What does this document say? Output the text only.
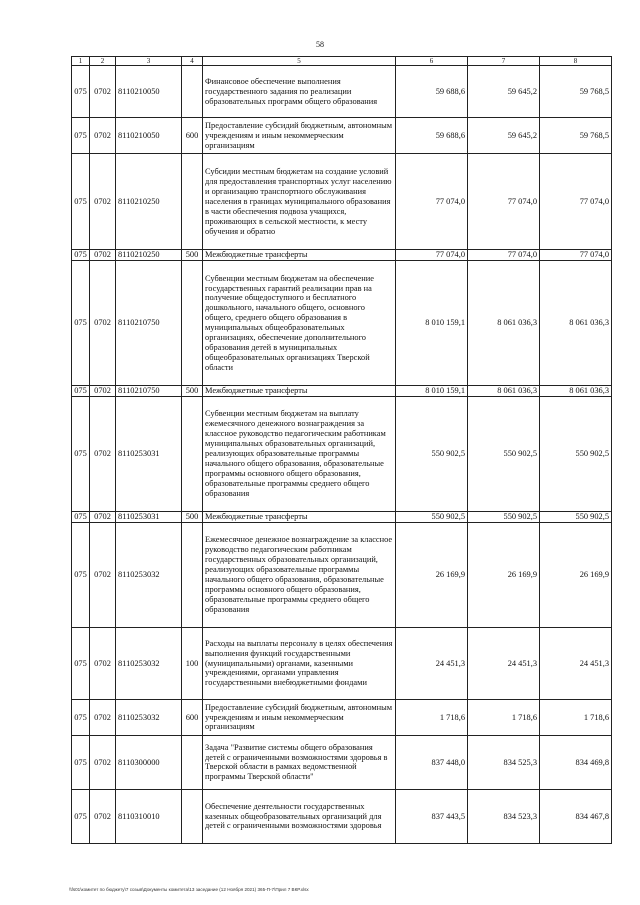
58
1	2	3	4	5	6	7	8
075	0702	8110210050		Финансовое обеспечение выполнения государственного задания по реализации образовательных программ общего образования	59 688,6	59 645,2	59 768,5
075	0702	8110210050	600	Предоставление субсидий бюджетным, автономным учреждениям и иным некоммерческим организациям	59 688,6	59 645,2	59 768,5
075	0702	8110210250		Субсидии местным бюджетам на создание условий для предоставления транспортных услуг населению и организацию транспортного обслуживания населения в границах муниципального образования в части обеспечения подвоза учащихся, проживающих в сельской местности, к месту обучения и обратно	77 074,0	77 074,0	77 074,0
075	0702	8110210250	500	Межбюджетные трансферты	77 074,0	77 074,0	77 074,0
075	0702	8110210750		Субвенции местным бюджетам на обеспечение государственных гарантий реализации прав на получение общедоступного и бесплатного дошкольного, начального общего, основного общего, среднего общего образования в муниципальных общеобразовательных организациях, обеспечение дополнительного образования детей в муниципальных общеобразовательных организациях Тверской области	8 010 159,1	8 061 036,3	8 061 036,3
075	0702	8110210750	500	Межбюджетные трансферты	8 010 159,1	8 061 036,3	8 061 036,3
075	0702	8110253031		Субвенции местным бюджетам на выплату ежемесячного денежного вознаграждения за классное руководство педагогическим работникам муниципальных образовательных организаций, реализующих образовательные программы начального общего образования, образовательные программы основного общего образования, образовательные программы среднего общего образования	550 902,5	550 902,5	550 902,5
075	0702	8110253031	500	Межбюджетные трансферты	550 902,5	550 902,5	550 902,5
075	0702	8110253032		Ежемесячное денежное вознаграждение за классное руководство педагогическим работникам государственных образовательных организаций, реализующих образовательные программы начального общего образования, образовательные программы основного общего образования, образовательные программы среднего общего образования	26 169,9	26 169,9	26 169,9
075	0702	8110253032	100	Расходы на выплаты персоналу в целях обеспечения выполнения функций государственными (муниципальными) органами, казенными учреждениями, органами управления государственными внебюджетными фондами	24 451,3	24 451,3	24 451,3
075	0702	8110253032	600	Предоставление субсидий бюджетным, автономным учреждениям и иным некоммерческим организациям	1 718,6	1 718,6	1 718,6
075	0702	8110300000		Задача "Развитие системы общего образования детей с ограниченными возможностями здоровья в Тверской области в рамках ведомственной программы Тверской области"	837 448,0	834 525,3	834 469,8
075	0702	8110310010		Обеспечение деятельности государственных казенных общеобразовательных организаций для детей с ограниченными возможностями здоровья	837 443,5	834 523,3	834 467,8
\\fs01\комитет по бюджету\7 созыв\Документы комитета\13 заседание (12 Ноября 2021) 365-П-7\Прил 7 ВКР.xlsx
